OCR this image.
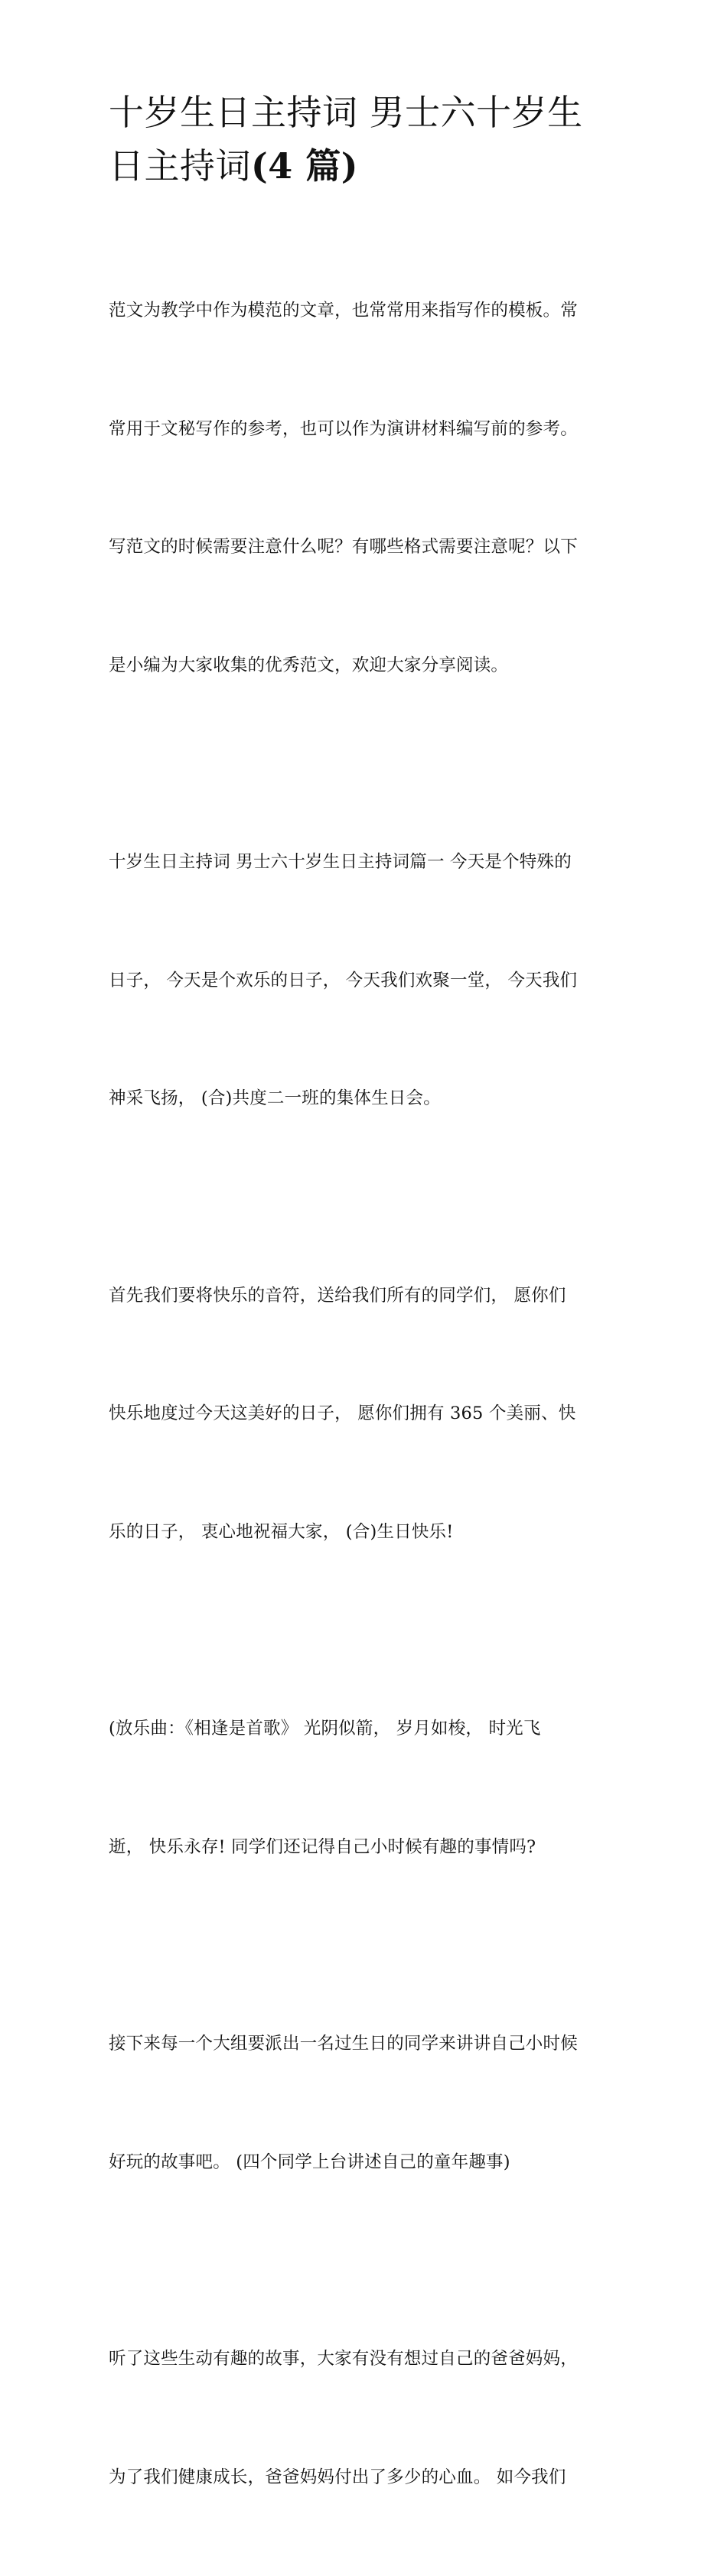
十岁生日主持词 男士六十岁生
日主持词(4 篇)

范文为教学中作为模范的文章，也常常用来指写作的模板。常

常用于文秘写作的参考，也可以作为演讲材料编写前的参考。

写范文的时候需要注意什么呢？有哪些格式需要注意呢？以下

是小编为大家收集的优秀范文，欢迎大家分享阅读。

十岁生日主持词 男士六十岁生日主持词篇一 今天是个特殊的

日子， 今天是个欢乐的日子， 今天我们欢聚一堂， 今天我们

神采飞扬， (合)共度二一班的集体生日会。

首先我们要将快乐的音符，送给我们所有的同学们， 愿你们

快乐地度过今天这美好的日子， 愿你们拥有 365 个美丽、快

乐的日子， 衷心地祝福大家， (合)生日快乐!

(放乐曲：《相逢是首歌》 光阴似箭， 岁月如梭， 时光飞

逝， 快乐永存! 同学们还记得自己小时候有趣的事情吗?

接下来每一个大组要派出一名过生日的同学来讲讲自己小时候

好玩的故事吧。 (四个同学上台讲述自己的童年趣事)

听了这些生动有趣的故事，大家有没有想过自己的爸爸妈妈，

为了我们健康成长，爸爸妈妈付出了多少的心血。 如今我们
